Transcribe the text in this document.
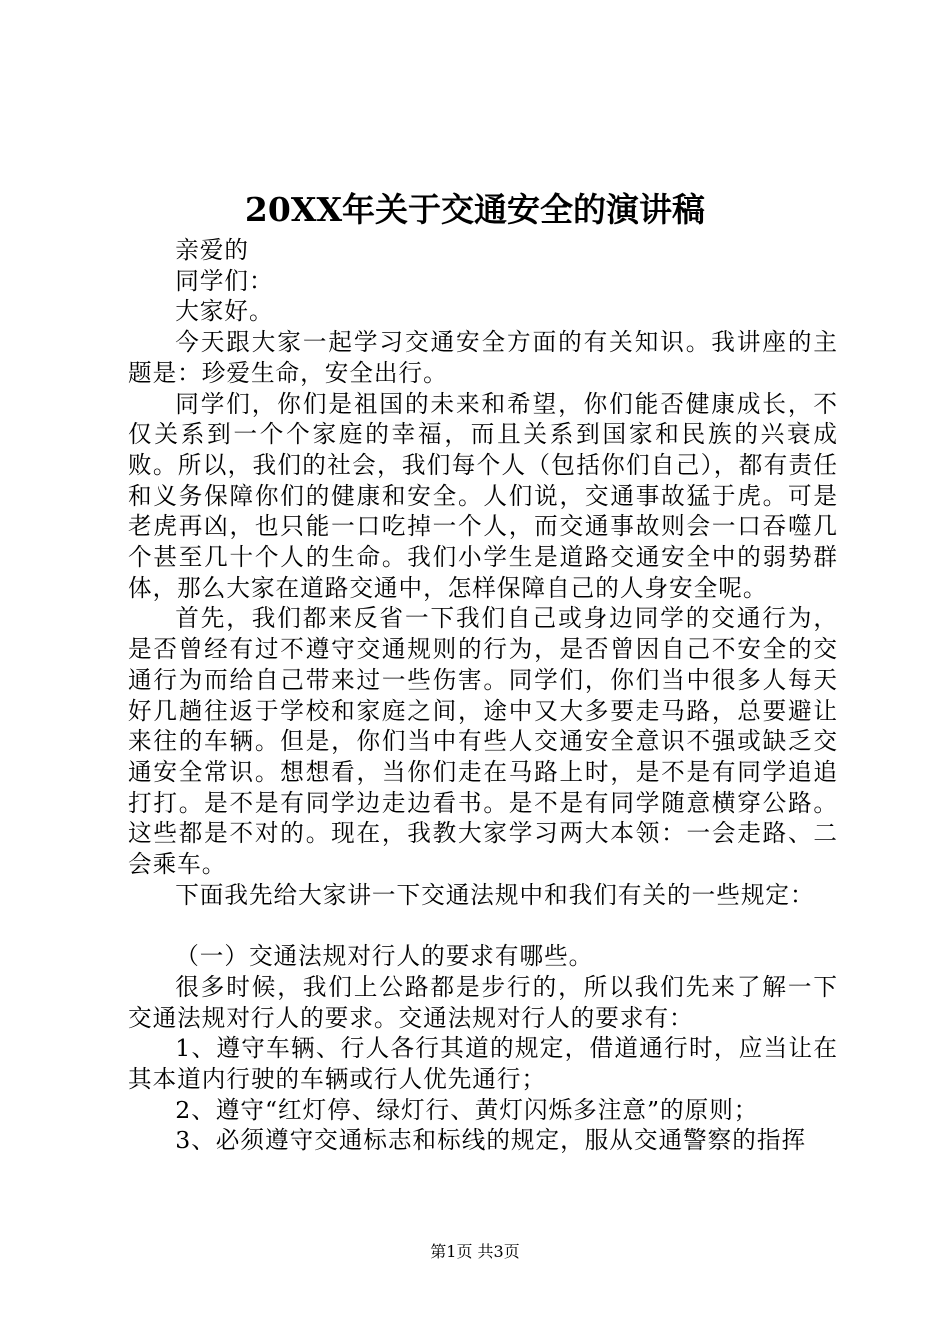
20XX年关于交通安全的演讲稿

亲爱的

同学们：

大家好。

今天跟大家一起学习交通安全方面的有关知识。我讲座的主题是：珍爱生命，安全出行。

同学们，你们是祖国的未来和希望，你们能否健康成长，不仅关系到一个个家庭的幸福，而且关系到国家和民族的兴衰成败。所以，我们的社会，我们每个人（包括你们自己），都有责任和义务保障你们的健康和安全。人们说，交通事故猛于虎。可是老虎再凶，也只能一口吃掉一个人，而交通事故则会一口吞噬几个甚至几十个人的生命。我们小学生是道路交通安全中的弱势群体，那么大家在道路交通中，怎样保障自己的人身安全呢。

首先，我们都来反省一下我们自己或身边同学的交通行为，是否曾经有过不遵守交通规则的行为，是否曾因自己不安全的交通行为而给自己带来过一些伤害。同学们，你们当中很多人每天好几趟往返于学校和家庭之间，途中又大多要走马路，总要避让来往的车辆。但是，你们当中有些人交通安全意识不强或缺乏交通安全常识。想想看，当你们走在马路上时，是不是有同学追追打打。是不是有同学边走边看书。是不是有同学随意横穿公路。这些都是不对的。现在，我教大家学习两大本领：一会走路、二会乘车。

下面我先给大家讲一下交通法规中和我们有关的一些规定：

（一）交通法规对行人的要求有哪些。

很多时候，我们上公路都是步行的，所以我们先来了解一下交通法规对行人的要求。交通法规对行人的要求有：

1、遵守车辆、行人各行其道的规定，借道通行时，应当让在其本道内行驶的车辆或行人优先通行；

2、遵守“红灯停、绿灯行、黄灯闪烁多注意”的原则；

3、必须遵守交通标志和标线的规定，服从交通警察的指挥

第1页 共3页
